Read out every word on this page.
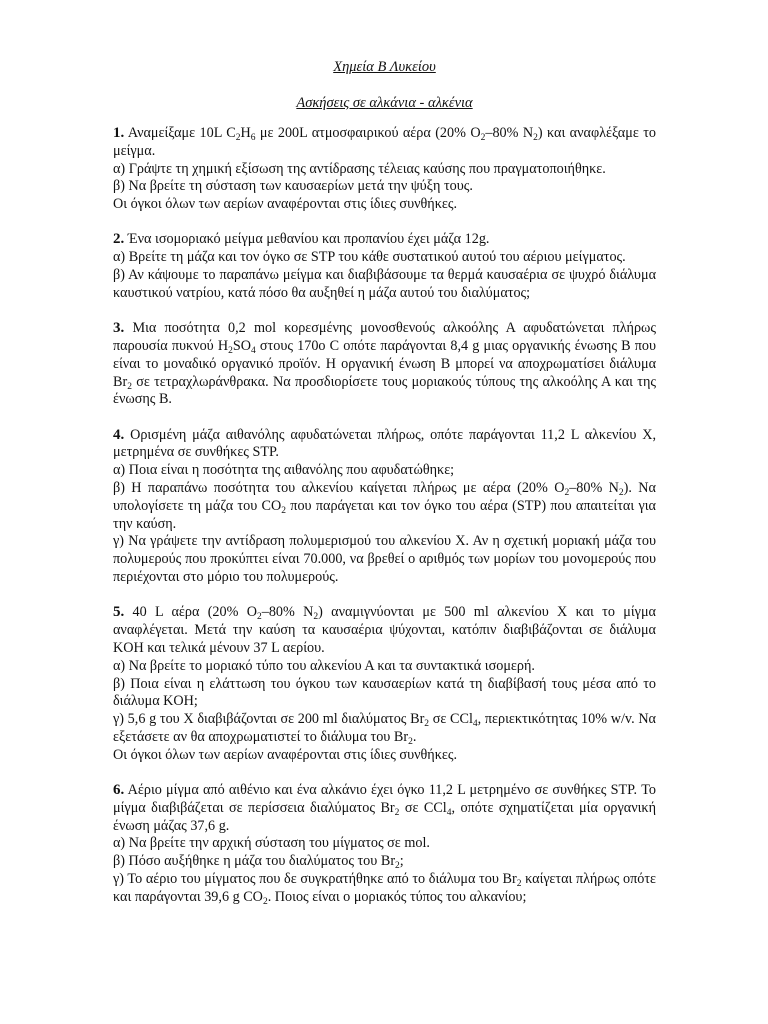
Χημεία Β Λυκείου

Ασκήσεις σε αλκάνια - αλκένια

1. Αναμείξαμε 10L $C_2H_6$ με 200L ατμοσφαιρικού αέρα (20% $O_2-80\%$ $N_2$) και αναφλέξαμε το μείγμα.

α) Γράψτε τη χημική εξίσωση της αντίδρασης τέλειας καύσης που πραγματοποιήθηκε.

β) Να βρείτε τη σύσταση των καυσαερίων μετά την ψύξη τους.

Οι όγκοι όλων των αερίων αναφέρονται στις ίδιες συνθήκες.

2. Ένα ισομοριακό μείγμα μεθανίου και προπανίου έχει μάζα 12g.

α) Βρείτε τη μάζα και τον όγκο σε STP του κάθε συστατικού αυτού του αέριου μείγματος.

β) Αν κάψουμε το παραπάνω μείγμα και διαβιβάσουμε τα θερμά καυσαέρια σε ψυχρό διάλυμα καυστικού νατρίου, κατά πόσο θα αυξηθεί η μάζα αυτού του διαλύματος;

3. Μια ποσότητα 0,2 mol κορεσμένης μονοσθενούς αλκοόλης Α αφυδατώνεται πλήρως παρουσία πυκνού $H_2SO_4$ στους 170o C οπότε παράγονται 8,4 g μιας οργανικής ένωσης Β που είναι το μοναδικό οργανικό προϊόν. Η οργανική ένωση Β μπορεί να αποχρωματίσει διάλυμα $Br_2$ σε τετραχλωράνθρακα. Να προσδιορίσετε τους μοριακούς τύπους της αλκοόλης Α και της ένωσης Β.

4. Ορισμένη μάζα αιθανόλης αφυδατώνεται πλήρως, οπότε παράγονται 11,2 L αλκενίου Χ, μετρημένα σε συνθήκες STP.

α) Ποια είναι η ποσότητα της αιθανόλης που αφυδατώθηκε;

β) Η παραπάνω ποσότητα του αλκενίου καίγεται πλήρως με αέρα (20% $O_2-80\%$ $N_2$). Να υπολογίσετε τη μάζα του $CO_2$ που παράγεται και τον όγκο του αέρα (STP) που απαιτείται για την καύση.

γ) Να γράψετε την αντίδραση πολυμερισμού του αλκενίου Χ. Αν η σχετική μοριακή μάζα του πολυμερούς που προκύπτει είναι 70.000, να βρεθεί ο αριθμός των μορίων του μονομερούς που περιέχονται στο μόριο του πολυμερούς.

5. 40 L αέρα (20% $O_2-80\%$ $N_2$) αναμιγνύονται με 500 ml αλκενίου Χ και το μίγμα αναφλέγεται. Μετά την καύση τα καυσαέρια ψύχονται, κατόπιν διαβιβάζονται σε διάλυμα KOH και τελικά μένουν 37 L αερίου.

α) Να βρείτε το μοριακό τύπο του αλκενίου Α και τα συντακτικά ισομερή.

β) Ποια είναι η ελάττωση του όγκου των καυσαερίων κατά τη διαβίβασή τους μέσα από το διάλυμα KOH;

γ) 5,6 g του Χ διαβιβάζονται σε 200 ml διαλύματος $Br_2$ σε CCl$_4$, περιεκτικότητας 10% w/v. Να εξετάσετε αν θα αποχρωματιστεί το διάλυμα του $Br_2$.

Οι όγκοι όλων των αερίων αναφέρονται στις ίδιες συνθήκες.

6. Αέριο μίγμα από αιθένιο και ένα αλκάνιο έχει όγκο 11,2 L μετρημένο σε συνθήκες STP. Το μίγμα διαβιβάζεται σε περίσσεια διαλύματος $Br_2$ σε CCl$_4$, οπότε σχηματίζεται μία οργανική ένωση μάζας 37,6 g.

α) Να βρείτε την αρχική σύσταση του μίγματος σε mol.

β) Πόσο αυξήθηκε η μάζα του διαλύματος του $Br_2$;

γ) Το αέριο του μίγματος που δε συγκρατήθηκε από το διάλυμα του $Br_2$ καίγεται πλήρως οπότε και παράγονται 39,6 g $CO_2$. Ποιος είναι ο μοριακός τύπος του αλκανίου;
